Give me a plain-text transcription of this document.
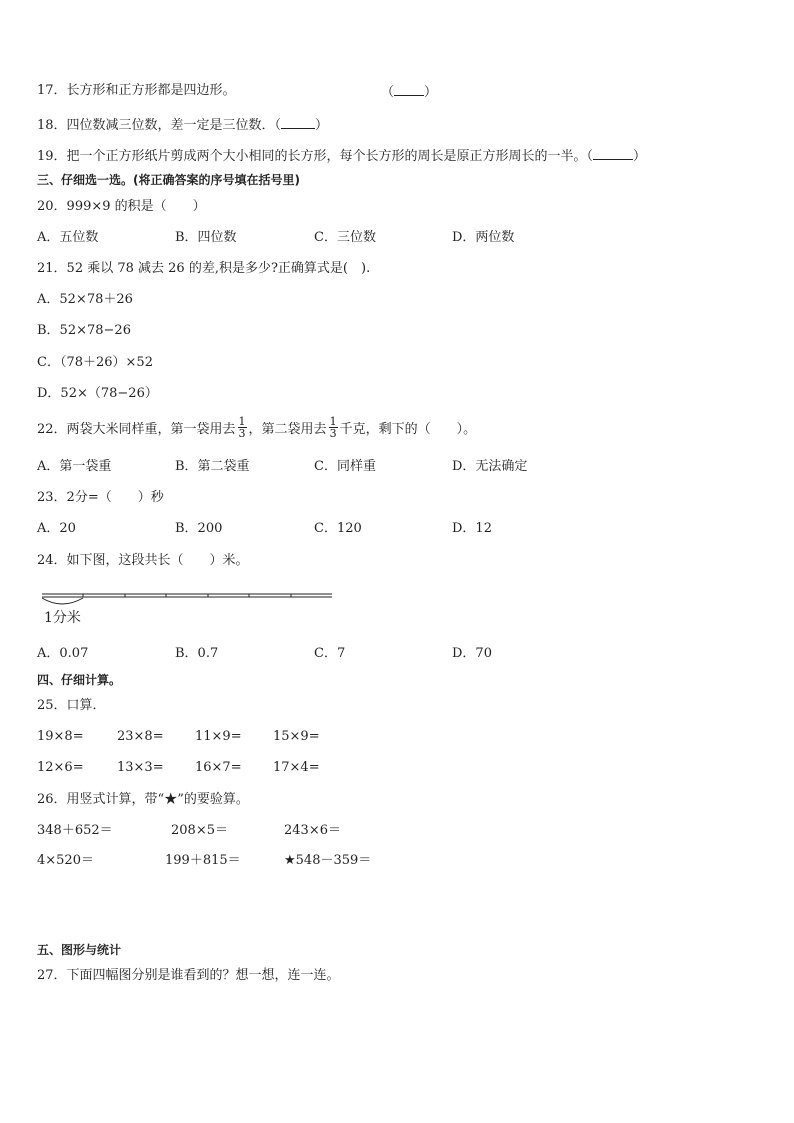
17．长方形和正方形都是四边形。	（ ）
18．四位数减三位数，差一定是三位数．（	）
19．把一个正方形纸片剪成两个大小相同的长方形，每个长方形的周长是原正方形周长的一半。（	）
三、仔细选一选。(将正确答案的序号填在括号里)
20．999×9 的积是（　　）
A．五位数	B．四位数	C．三位数	D．两位数
21．52 乘以 78 减去 26 的差,积是多少?正确算式是(　).
A．52×78＋26
B．52×78−26
C．（78＋26）×52
D．52×（78−26）
22．两袋大米同样重，第一袋用去 $\frac{1}{3}$ ，第二袋用去 $\frac{1}{3}$ 千克，剩下的（　　）。
A．第一袋重	B．第二袋重	C．同样重	D．无法确定
23．2分=（　　）秒
A．20	B．200	C．120	D．12
24．如下图，这段共长（　　）米。
1分米
A．0.07	B．0.7	C．7	D．70
四、仔细计算。
25．口算．
19×8=	23×8= 11×9= 15×9=
12×6=	13×3= 16×7= 17×4=
26．用竖式计算，带“★”的要验算。
348＋652＝	208×5＝	243×6＝
4×520＝	199＋815＝	★548－359＝
五、图形与统计
27．下面四幅图分别是谁看到的？想一想，连一连。
